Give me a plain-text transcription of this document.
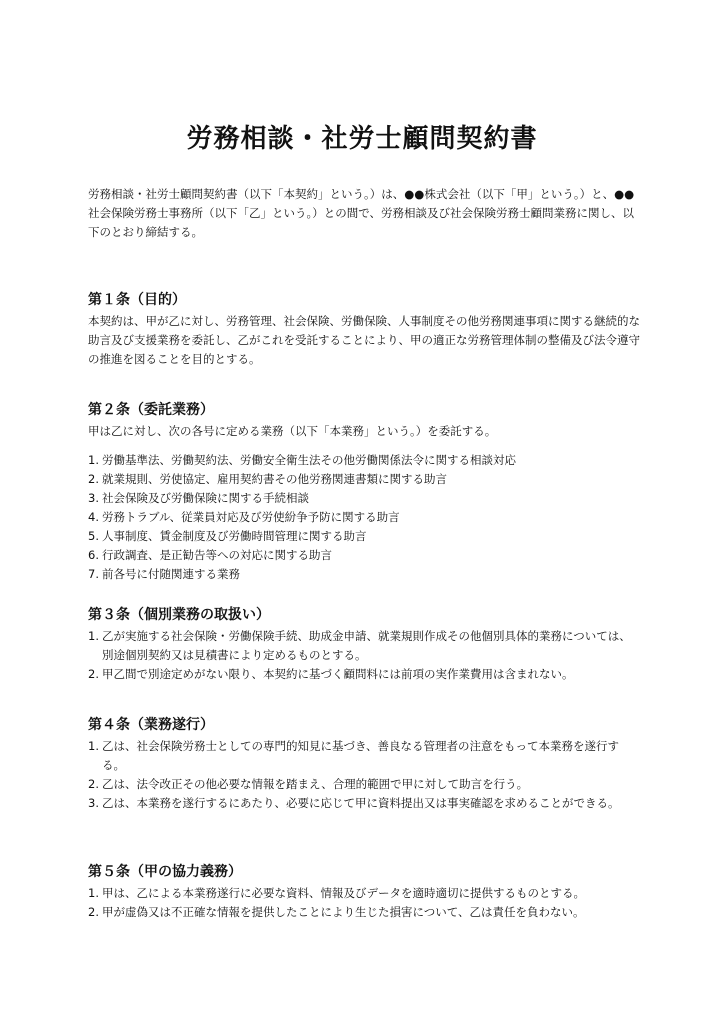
労務相談・社労士顧問契約書

労務相談・社労士顧問契約書（以下「本契約」という。）は、●●株式会社（以下「甲」という。）と、●●社会保険労務士事務所（以下「乙」という。）との間で、労務相談及び社会保険労務士顧問業務に関し、以下のとおり締結する。

第１条（目的）

本契約は、甲が乙に対し、労務管理、社会保険、労働保険、人事制度その他労務関連事項に関する継続的な助言及び支援業務を委託し、乙がこれを受託することにより、甲の適正な労務管理体制の整備及び法令遵守の推進を図ることを目的とする。

第２条（委託業務）

甲は乙に対し、次の各号に定める業務（以下「本業務」という。）を委託する。

1. 労働基準法、労働契約法、労働安全衛生法その他労働関係法令に関する相談対応
2. 就業規則、労使協定、雇用契約書その他労務関連書類に関する助言
3. 社会保険及び労働保険に関する手続相談
4. 労務トラブル、従業員対応及び労使紛争予防に関する助言
5. 人事制度、賃金制度及び労働時間管理に関する助言
6. 行政調査、是正勧告等への対応に関する助言
7. 前各号に付随関連する業務
第３条（個別業務の取扱い）
1. 乙が実施する社会保険・労働保険手続、助成金申請、就業規則作成その他個別具体的業務については、別途個別契約又は見積書により定めるものとする。
2. 甲乙間で別途定めがない限り、本契約に基づく顧問料には前項の実作業費用は含まれない。
第４条（業務遂行）
1. 乙は、社会保険労務士としての専門的知見に基づき、善良なる管理者の注意をもって本業務を遂行する。
2. 乙は、法令改正その他必要な情報を踏まえ、合理的範囲で甲に対して助言を行う。
3. 乙は、本業務を遂行するにあたり、必要に応じて甲に資料提出又は事実確認を求めることができる。
第５条（甲の協力義務）
1. 甲は、乙による本業務遂行に必要な資料、情報及びデータを適時適切に提供するものとする。
2. 甲が虚偽又は不正確な情報を提供したことにより生じた損害について、乙は責任を負わない。
